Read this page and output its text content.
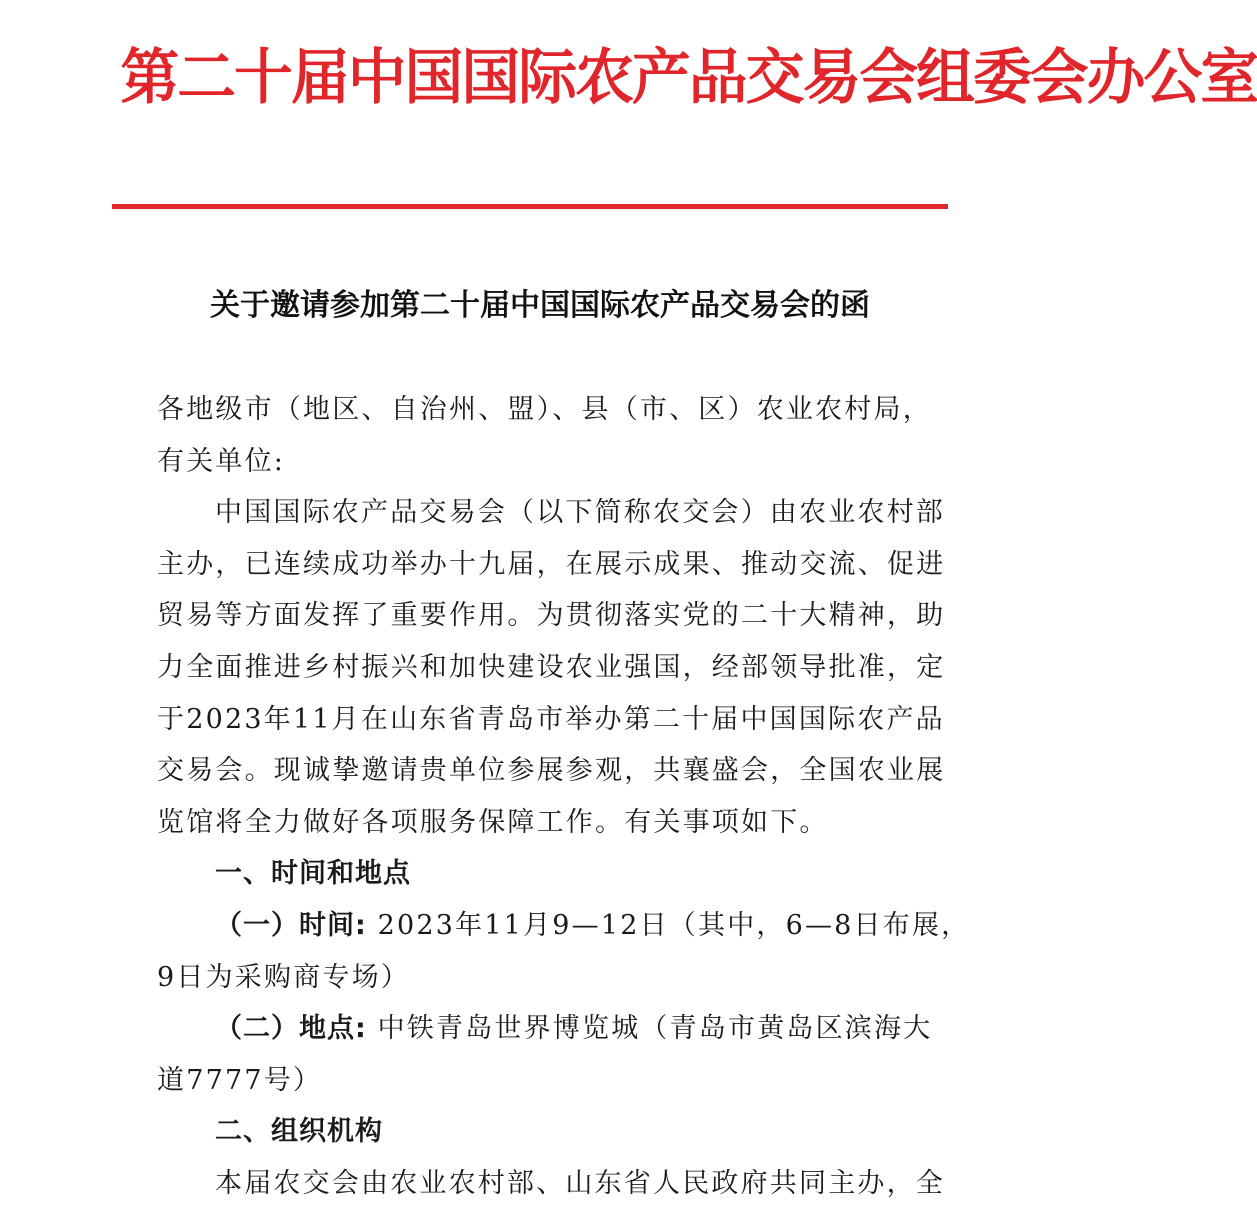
第二十届中国国际农产品交易会组委会办公室
关于邀请参加第二十届中国国际农产品交易会的函
各地级市（地区、自治州、盟）、县（市、区）农业农村局，
有关单位:
中国国际农产品交易会（以下简称农交会）由农业农村部
主办，已连续成功举办十九届，在展示成果、推动交流、促进
贸易等方面发挥了重要作用。为贯彻落实党的二十大精神，助
力全面推进乡村振兴和加快建设农业强国，经部领导批准，定
于2023年11月在山东省青岛市举办第二十届中国国际农产品
交易会。现诚挚邀请贵单位参展参观，共襄盛会，全国农业展
览馆将全力做好各项服务保障工作。有关事项如下。
一、时间和地点
（一）时间: 2023年11月9—12日（其中，6—8日布展，
9日为采购商专场）
（二）地点: 中铁青岛世界博览城（青岛市黄岛区滨海大
道7777号）
二、组织机构
本届农交会由农业农村部、山东省人民政府共同主办，全
